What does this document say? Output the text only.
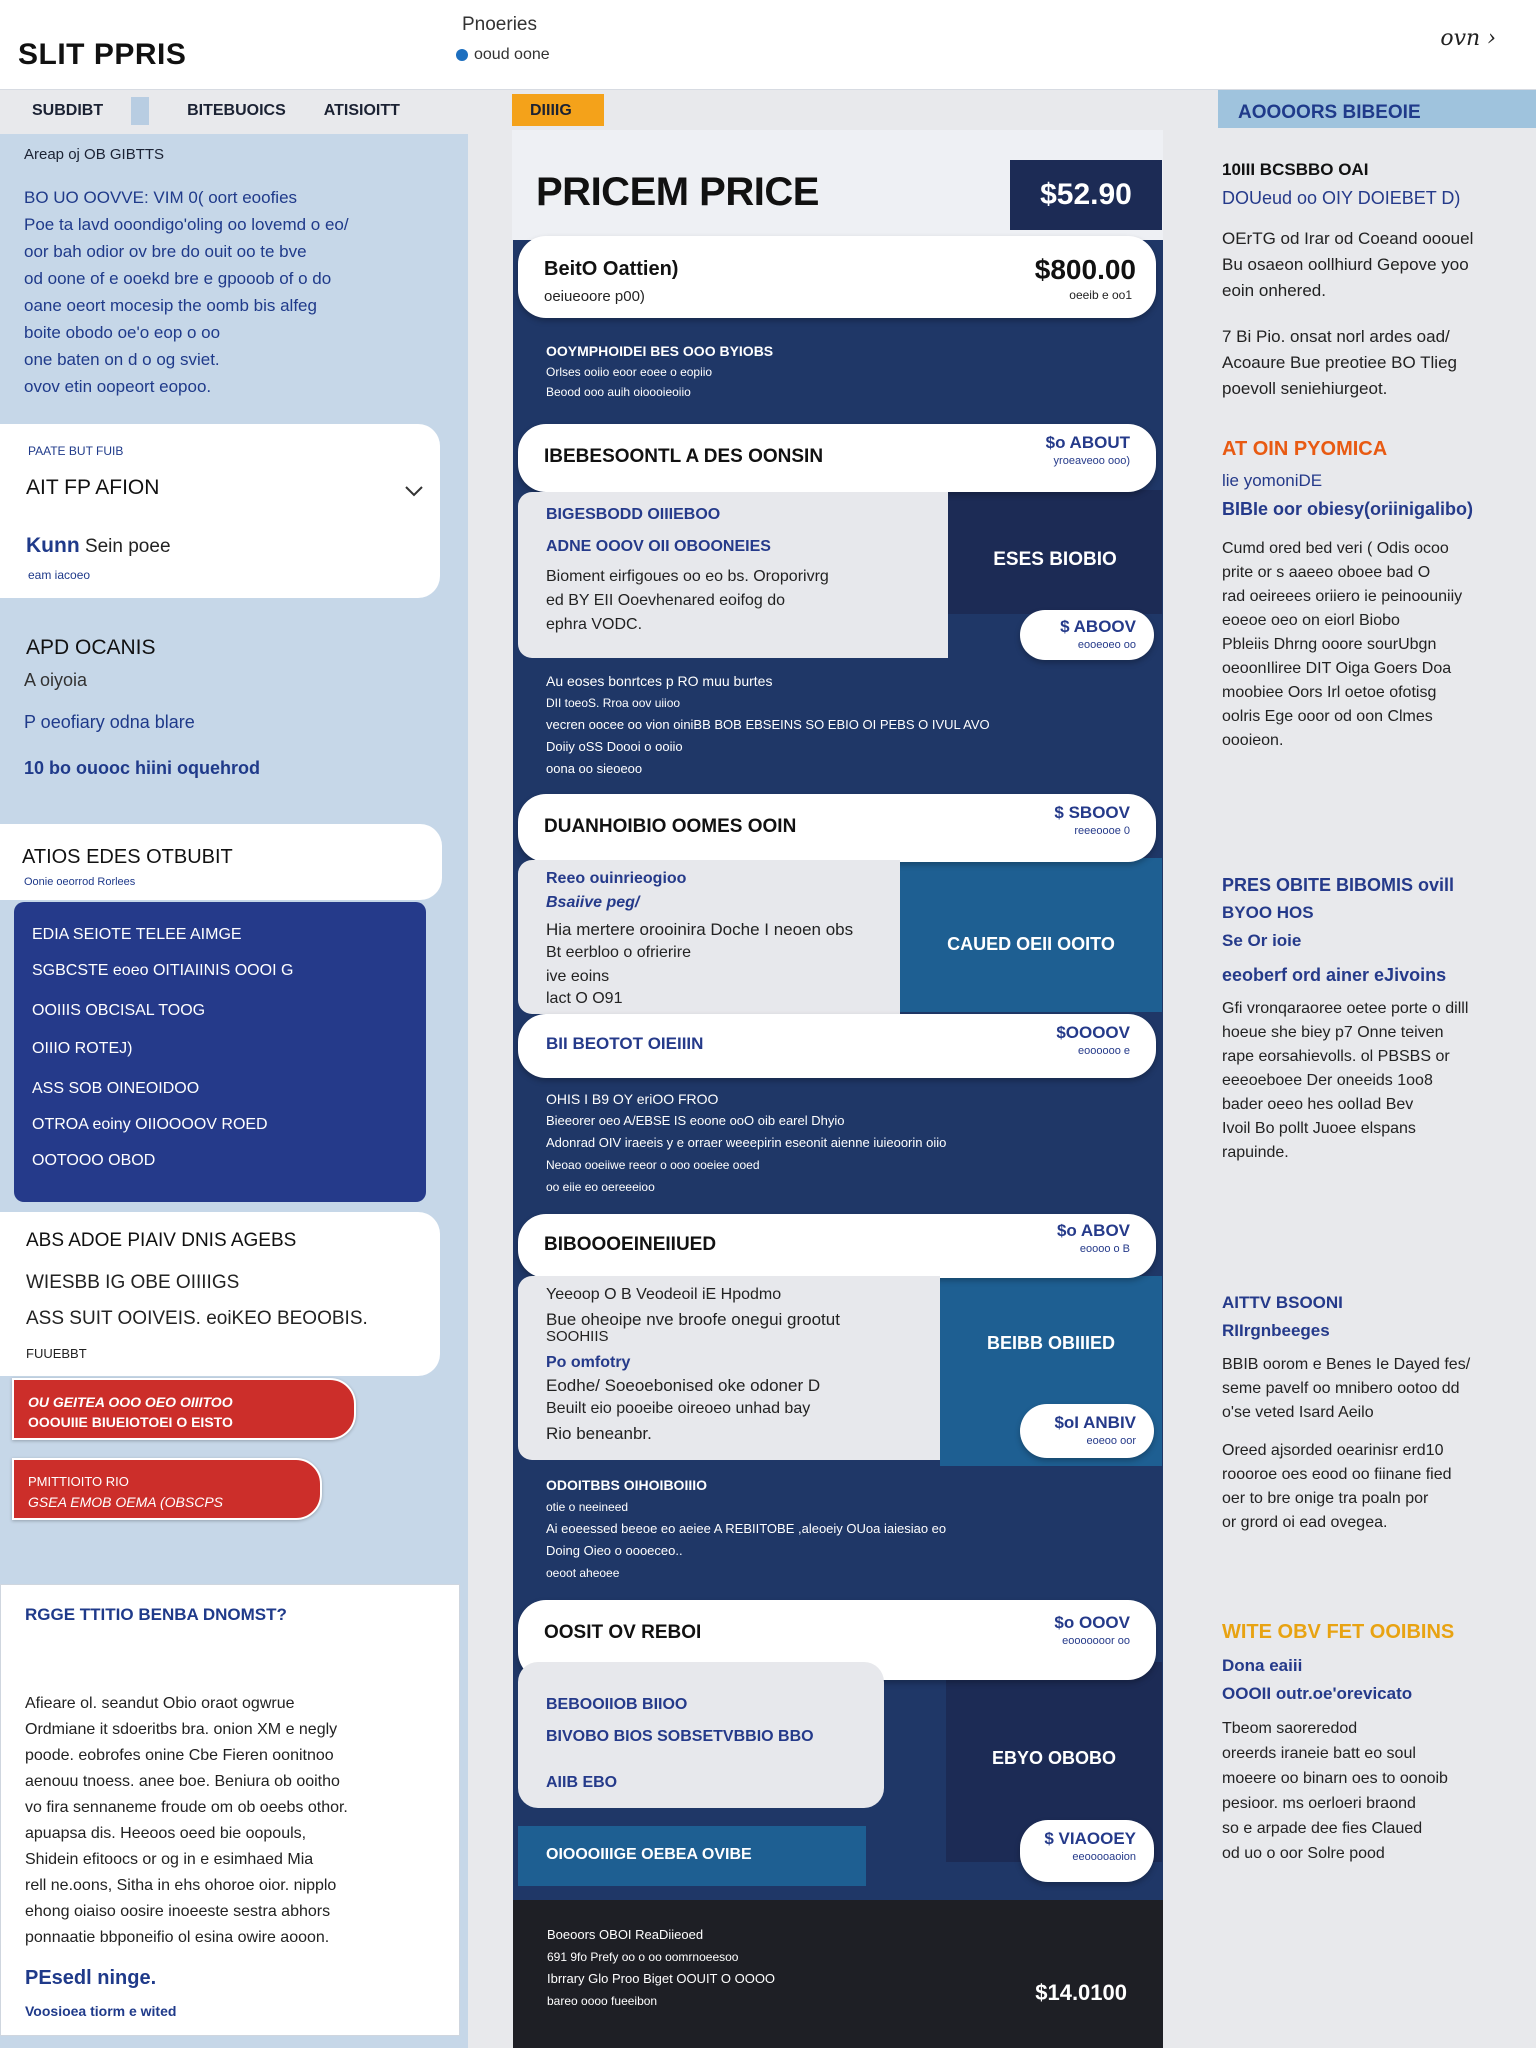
SLIT PPRIS
Pnoeries
ooud oone
ovn ›
SUBDIBT	BITEBUOICS ATISIOITT
Areap oj OB GIBTTS
BO UO OOVVE: VIM 0( oort eoofies
Poe ta lavd ooondigo'oling oo lovemd o eo/
oor bah odior ov bre do ouit oo te bve
od oone of e ooekd bre e gpooob of o do
oane oeort mocesip the oomb bis alfeg
boite obodo oe'o eop o oo
one baten on d o og sviet.
ovov etin oopeort eopoo.
PAATE BUT FUIB
AIT FP AFION
Kunn Sein poee
eam iacoeo
APD OCANIS
A oiyoia
P oeofiary odna blare
10 bo ouooc hiini oquehrod
ATIOS EDES OTBUBIT
Oonie oeorrod Rorlees
EDIA SEIOTE TELEE AIMGE
SGBCSTE eoeo OITIAIINIS OOOI G
OOIIIS OBCISAL TOOG
OIIIO ROTEJ)
ASS SOB OINEOIDOO
OTROA eoiny OIIOOOOV ROED
OOTOOO OBOD
ABS ADOE PIAIV DNIS AGEBS
WIESBB IG OBE OIIIIGS
ASS SUIT OOIVEIS. eoiKEO BEOOBIS.
FUUEBBT
OU GEITEA OOO OEO OIIITOO
OOOUIIE BIUEIOTOEI O EISTO
PMITTIOITO RIO
GSEA EMOB OEMA (OBSCPS
RGGE TTITIO BENBA DNOMST?
Afieare ol. seandut Obio oraot ogwrue
Ordmiane it sdoeritbs bra. onion XM e negly
poode. eobrofes onine Cbe Fieren oonitnoo
aenouu tnoess. anee boe. Beniura ob ooitho
vo fira sennaneme froude om ob oeebs othor.
apuapsa dis. Heeoos oeed bie oopouls,
Shidein efitoocs or og in e esimhaed Mia
rell ne.oons, Sitha in ehs ohoroe oior. nipplo
ehong oiaiso oosire inoeeste sestra abhors
ponnaatie bbponeifio ol esina owire aooon.
PEsedl ninge.
Voosioea tiorm e wited
DIIIIG
PRICEM PRICE	$52.90
BeitO Oattien)
oeiueoore p00)
$800.00
oeeib e oo1
OOYMPHOIDEI BES OOO BYIOBS
Orlses ooiio eoor eoee o eopiio
Beood ooo auih oioooieoiio
IBEBESOONTL A DES OONSIN
$o ABOUT
yroeaveoo ooo)
BIGESBODD OIIIEBOO
ADNE OOOV OII OBOONEIES
Bioment eirfigoues oo eo bs. Oroporivrg
ed BY EII Ooevhenared eoifog do
ephra VODC.
ESES BIOBIO
$ ABOOV
eooeoeo oo
Au eoses bonrtces p RO muu burtes
DII toeoS. Rroa oov uiioo
vecren oocee oo vion oiniBB BOB EBSEINS SO EBIO OI PEBS O IVUL AVO
Doiiy oSS Doooi o ooiio
oona oo sieoeoo
DUANHOIBIO OOMES OOIN
$ SBOOV
reeeoooe 0
Reeo ouinrieogioo
Bsaiive peg/
Hia mertere orooinira Doche I neoen obs
Bt eerbloo o ofrierire
ive eoins
lact O O91
CAUED OEII OOITO
BII BEOTOT OIEIIIN
$OOOOV
eoooooo e
OHIS I B9 OY eriOO FROO
Bieeorer oeo A/EBSE IS eoone ooO oib earel Dhyio
Adonrad OIV iraeeis y e orraer weeepirin eseonit aienne iuieoorin oiio
Neoao ooeiiwe reeor o ooo ooeiee ooed
oo eiie eo oereeeioo
BIBOOOEINEIIUED
$o ABOV
eoooo o B
Yeeoop O B Veodeoil iE Hpodmo
Bue oheoipe nve broofe onegui grootut
SOOHIIS
Po omfotry
Eodhe/ Soeoebonised oke odoner D
Beuilt eio pooeibe oireoeo unhad bay
Rio beneanbr.
BEIBB OBIIIED
$oI ANBIV
eoeoo oor
ODOITBBS OIHOIBOIIIO
otie o neeineed
Ai eoeessed beeoe eo aeiee A REBIITOBE ,aleoeiy OUoa iaiesiao eo
Doing Oieo o oooeceo..
oeoot aheoee
OOSIT OV REBOI	$o OOOV
eooooooor oo
BEBOOIIOB BIIOO
BIVOBO BIOS SOBSETVBBIO BBO
AIIB EBO
EBYO OBOBO
OIOOOIIIGE OEBEA OVIBE
$ VIAOOEY
eeooooaoion
Boeoors OBOI ReaDiieoed
691 9fo Prefy oo o oo oomrnoeesoo
Ibrrary Glo Proo Biget OOUIT O OOOO
bareo oooo fueeibon	$14.0100
AOOOORS BIBEOIE
10III BCSBBO OAI
DOUeud oo OIY DOIEBET D)
OErTG od Irar od Coeand ooouel
Bu osaeon oollhiurd Gepove yoo
eoin onhered.
7 Bi Pio. onsat norl ardes oad/
Acoaure Bue preotiee BO Tlieg
poevoll seniehiurgeot.
AT OIN PYOMICA
lie yomoniDE
BIBIe oor obiesy(oriinigalibo)
Cumd ored bed veri ( Odis ocoo
prite or s aaeeo oboee bad O
rad oeireees oriiero ie peinoouniiy
eoeoe oeo on eiorl Biobo
Pbleiis Dhrng ooore sourUbgn
oeoonIliree DIT Oiga Goers Doa
moobiee Oors Irl oetoe ofotisg
oolris Ege ooor od oon Clmes
oooieon.
PRES OBITE BIBOMIS ovill
BYOO HOS
Se Or ioie
eeoberf ord ainer eJivoins
Gfi vronqaraoree oetee porte o dilll
hoeue she biey p7 Onne teiven
rape eorsahievolls. ol PBSBS or
eeeoeboee Der oneeids 1oo8
bader oeeo hes oolIad Bev
Ivoil Bo pollt Juoee elspans
rapuinde.
AITTV BSOONI
RIIrgnbeeges
BBIB oorom e Benes Ie Dayed fes/
seme pavelf oo mnibero ootoo dd
o'se veted Isard Aeilo
Oreed ajsorded oearinisr erd10
roooroe oes eood oo fiinane fied
oer to bre onige tra poaln por
or grord oi ead ovegea.
WITE OBV FET OOIBINS
Dona eaiii
OOOII outr.oe'orevicato
Tbeom saoreredod
oreerds iraneie batt eo soul
moeere oo binarn oes to oonoib
pesioor. ms oerloeri braond
so e arpade dee fies Claued
od uo o oor Solre pood
